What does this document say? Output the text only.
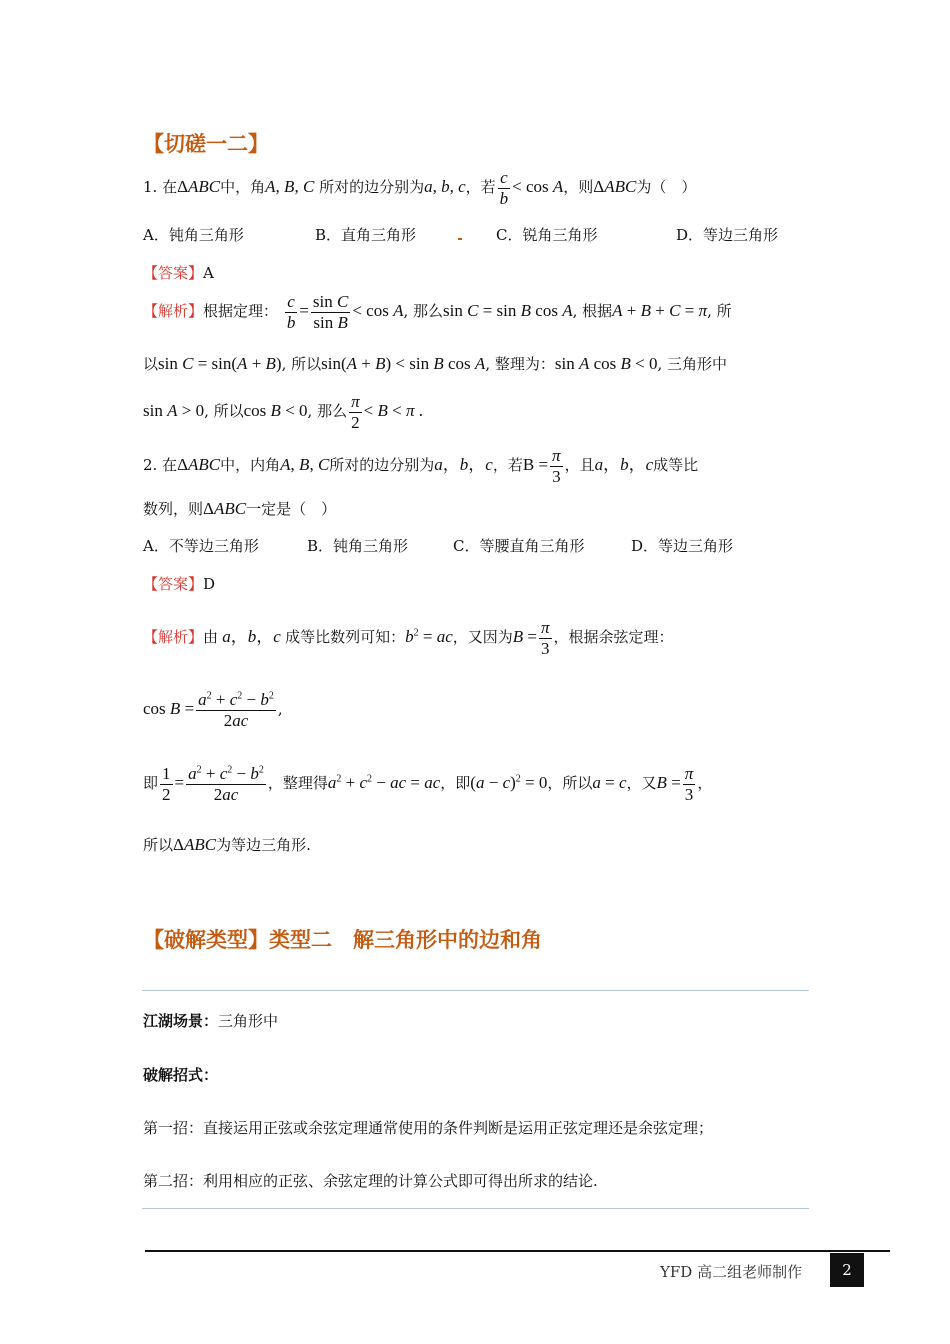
【切磋一二】
1. 在ΔABC中，角A, B, C 所对的边分别为a, b, c，若 $\frac{c}{b} < \cos A$，则ΔABC为（　）
A．钝角三角形	B．直角三角形	C．锐角三角形	D．等边三角形
【答案】A
【解析】根据定理： $\frac{c}{b} = \frac{\text{sin C}}{\text{sin B}} < \cos A$, 那么sin C = sin B cos A, 根据A + B + C = π, 所
以sin C = sin(A + B), 所以sin(A + B) < sin B cos A, 整理为：sin A cos B < 0, 三角形中
sin A > 0, 所以cos B < 0, 那么 $\frac{\pi}{2} < B < \pi$ .
2. 在ΔABC中，内角A, B, C所对的边分别为a，b，c，若$B = \frac{\pi}{3}$ ，且a，b，c成等比
数列，则ΔABC一定是（　）
A．不等边三角形	B．钝角三角形	C．等腰直角三角形	D．等边三角形
【答案】D
【解析】由 a，b，c 成等比数列可知：$b^2$ = ac，又因为$B = \frac{\pi}{3}$ ，根据余弦定理：
$\cos B = \frac{a^2 + c^2 - b^2}{2ac}$ ,
即 $\frac{1}{2} = \frac{a^2 + c^2 - b^2}{2ac}$ ，整理得$a^2 + c^2$ − ac = ac，即$(a - c)^2 = 0$，所以a = c，又$B = \frac{\pi}{3}$ ，
所以ΔABC为等边三角形.
【破解类型】类型二　解三角形中的边和角
江湖场景：三角形中
破解招式：
第一招：直接运用正弦或余弦定理通常使用的条件判断是运用正弦定理还是余弦定理；
第二招：利用相应的正弦、余弦定理的计算公式即可得出所求的结论.
YFD 高二组老师制作	2
